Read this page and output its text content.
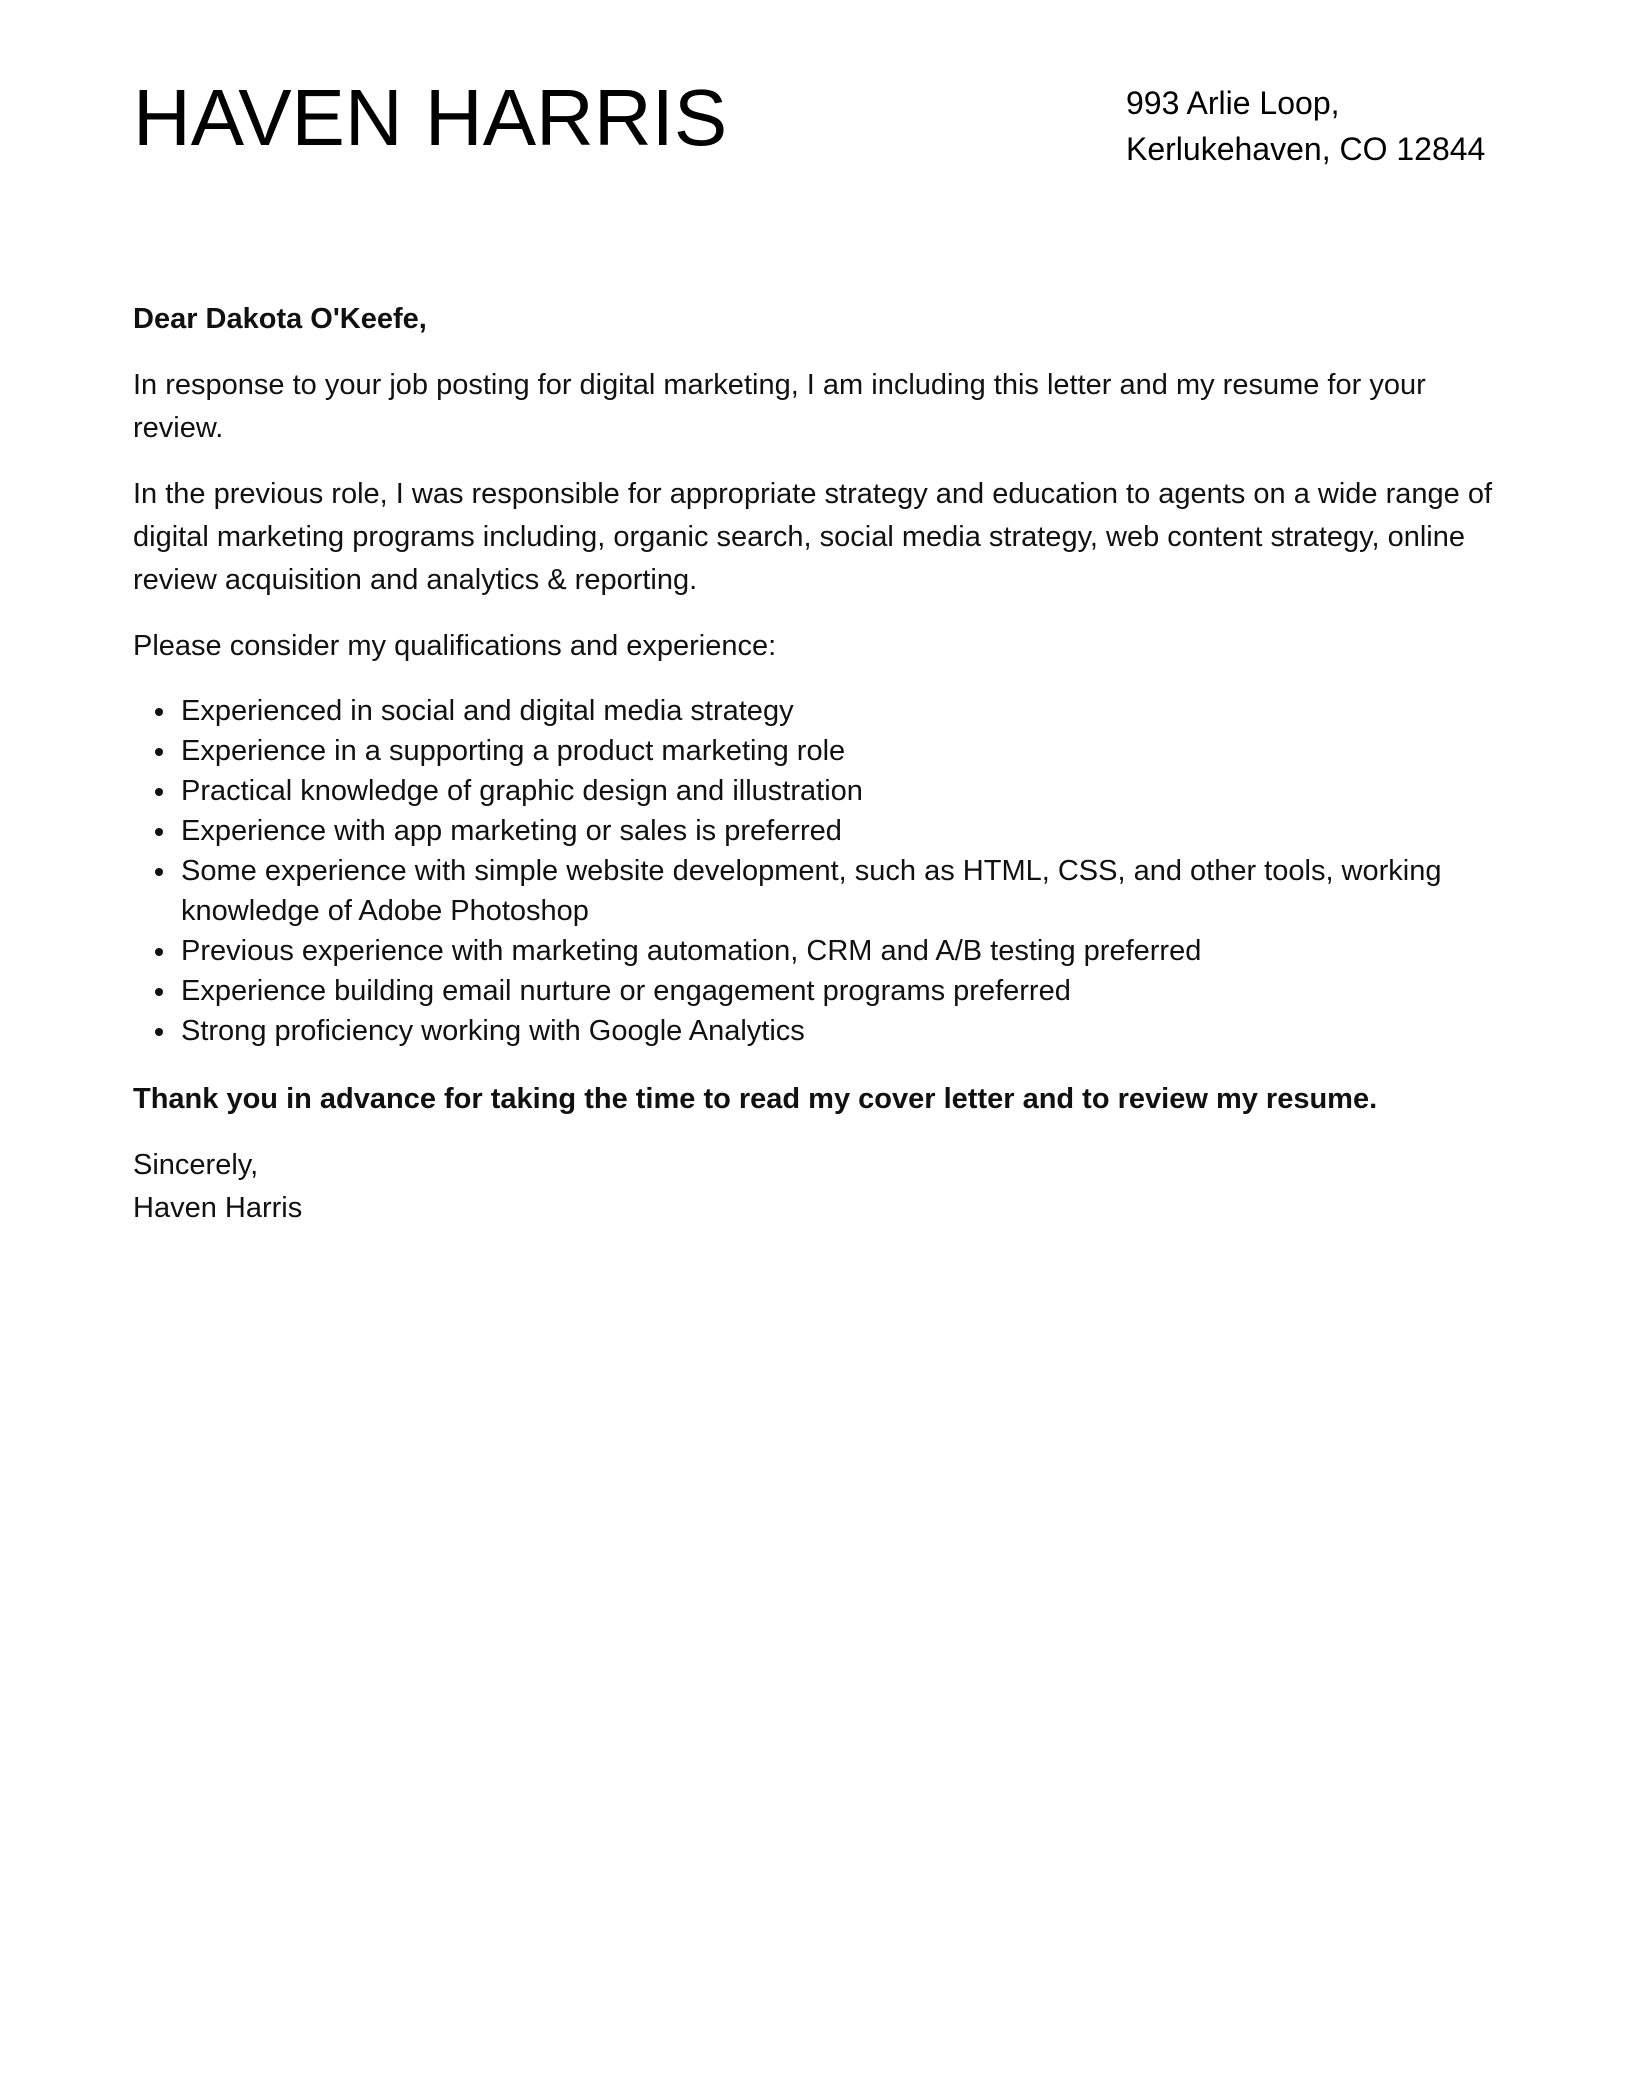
HAVEN HARRIS	993 Arlie Loop,
Kerlukehaven, CO 12844

Dear Dakota O'Keefe,

In response to your job posting for digital marketing, I am including this letter and my resume for your review.

In the previous role, I was responsible for appropriate strategy and education to agents on a wide range of digital marketing programs including, organic search, social media strategy, web content strategy, online review acquisition and analytics & reporting.

Please consider my qualifications and experience:

Experienced in social and digital media strategy
Experience in a supporting a product marketing role
Practical knowledge of graphic design and illustration
Experience with app marketing or sales is preferred
Some experience with simple website development, such as HTML, CSS, and other tools, working knowledge of Adobe Photoshop
Previous experience with marketing automation, CRM and A/B testing preferred
Experience building email nurture or engagement programs preferred
Strong proficiency working with Google Analytics

Thank you in advance for taking the time to read my cover letter and to review my resume.

Sincerely,
Haven Harris
